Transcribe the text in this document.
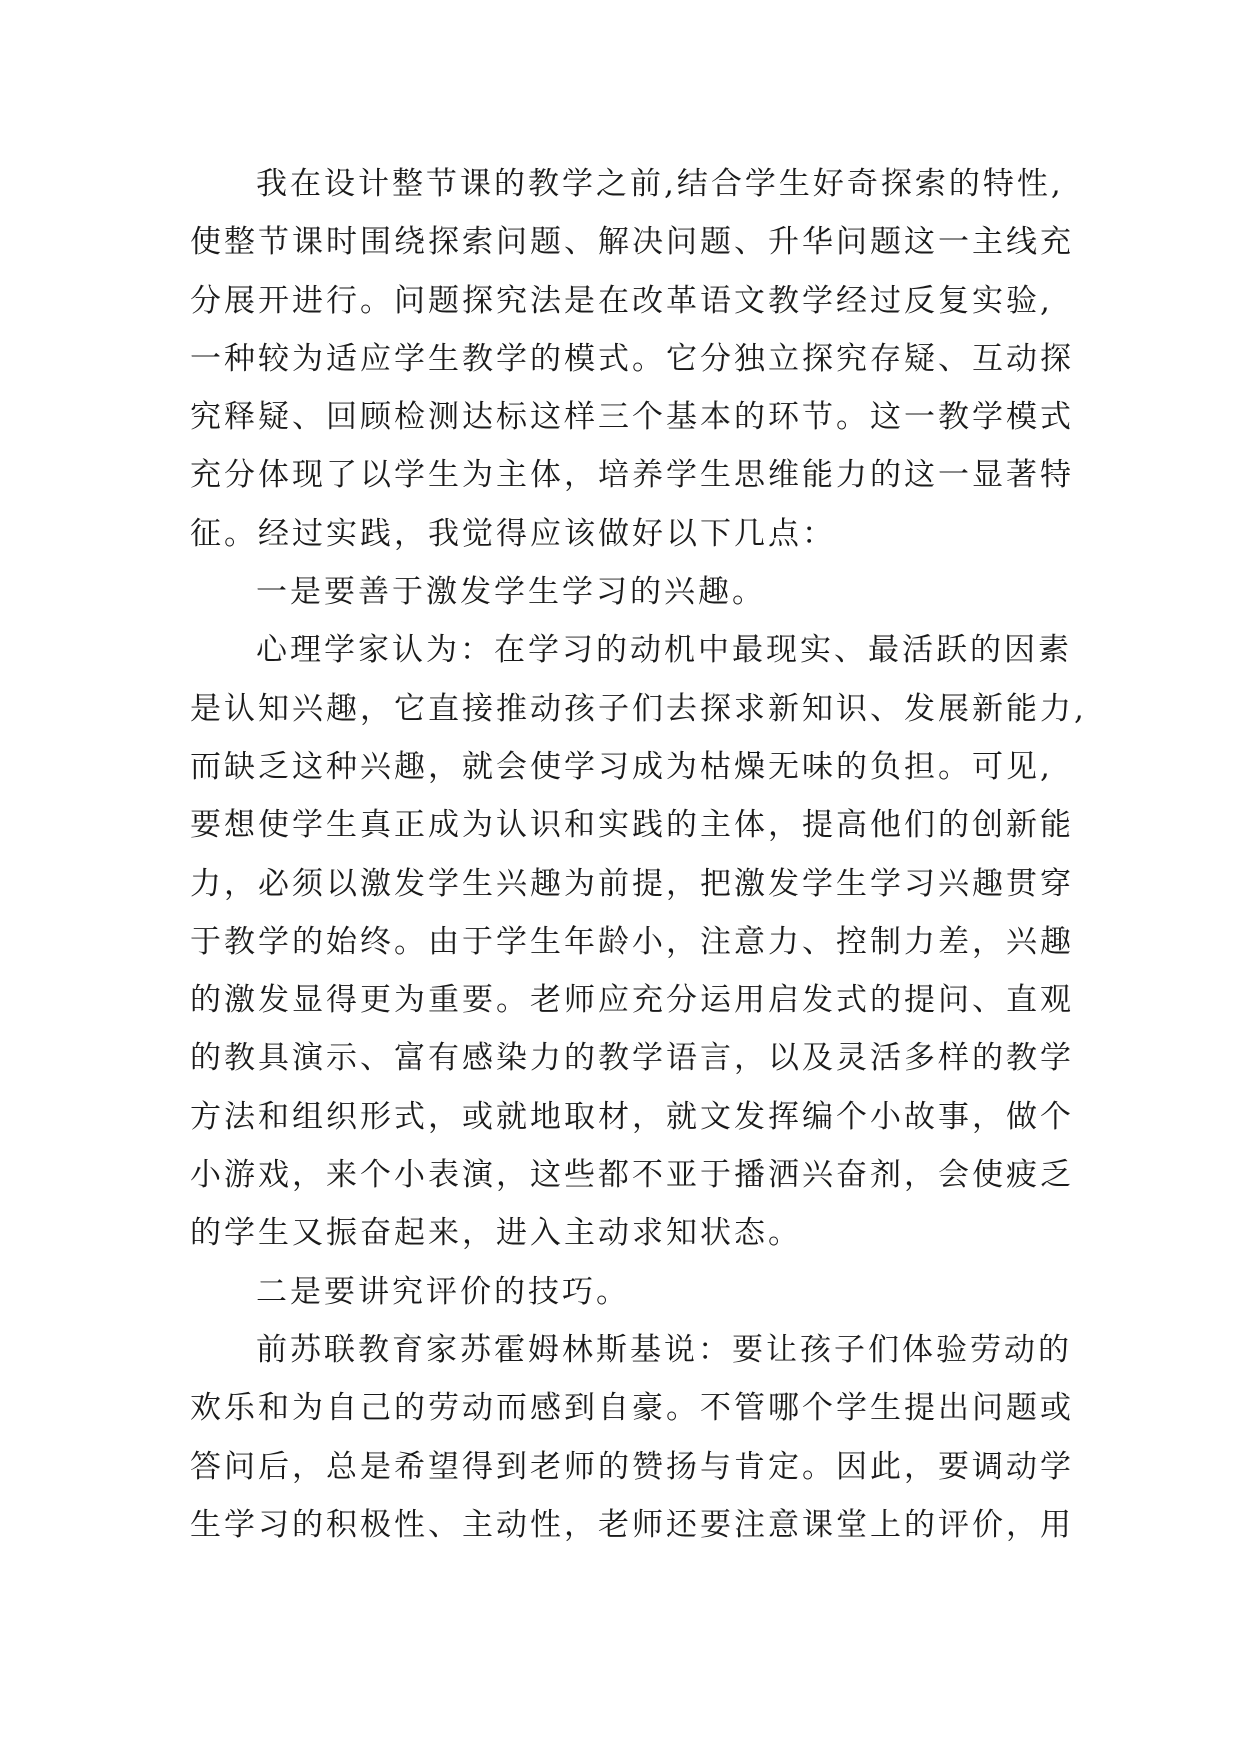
我在设计整节课的教学之前,结合学生好奇探索的特性,
使整节课时围绕探索问题、解决问题、升华问题这一主线充
分展开进行。问题探究法是在改革语文教学经过反复实验,
一种较为适应学生教学的模式。它分独立探究存疑、互动探
究释疑、回顾检测达标这样三个基本的环节。这一教学模式
充分体现了以学生为主体，培养学生思维能力的这一显著特
征。经过实践，我觉得应该做好以下几点：
一是要善于激发学生学习的兴趣。
心理学家认为：在学习的动机中最现实、最活跃的因素
是认知兴趣，它直接推动孩子们去探求新知识、发展新能力,
而缺乏这种兴趣，就会使学习成为枯燥无味的负担。可见,
要想使学生真正成为认识和实践的主体，提高他们的创新能
力，必须以激发学生兴趣为前提，把激发学生学习兴趣贯穿
于教学的始终。由于学生年龄小，注意力、控制力差，兴趣
的激发显得更为重要。老师应充分运用启发式的提问、直观
的教具演示、富有感染力的教学语言，以及灵活多样的教学
方法和组织形式，或就地取材，就文发挥编个小故事，做个
小游戏，来个小表演，这些都不亚于播洒兴奋剂，会使疲乏
的学生又振奋起来，进入主动求知状态。
二是要讲究评价的技巧。
前苏联教育家苏霍姆林斯基说：要让孩子们体验劳动的
欢乐和为自己的劳动而感到自豪。不管哪个学生提出问题或
答问后，总是希望得到老师的赞扬与肯定。因此，要调动学
生学习的积极性、主动性，老师还要注意课堂上的评价，用
